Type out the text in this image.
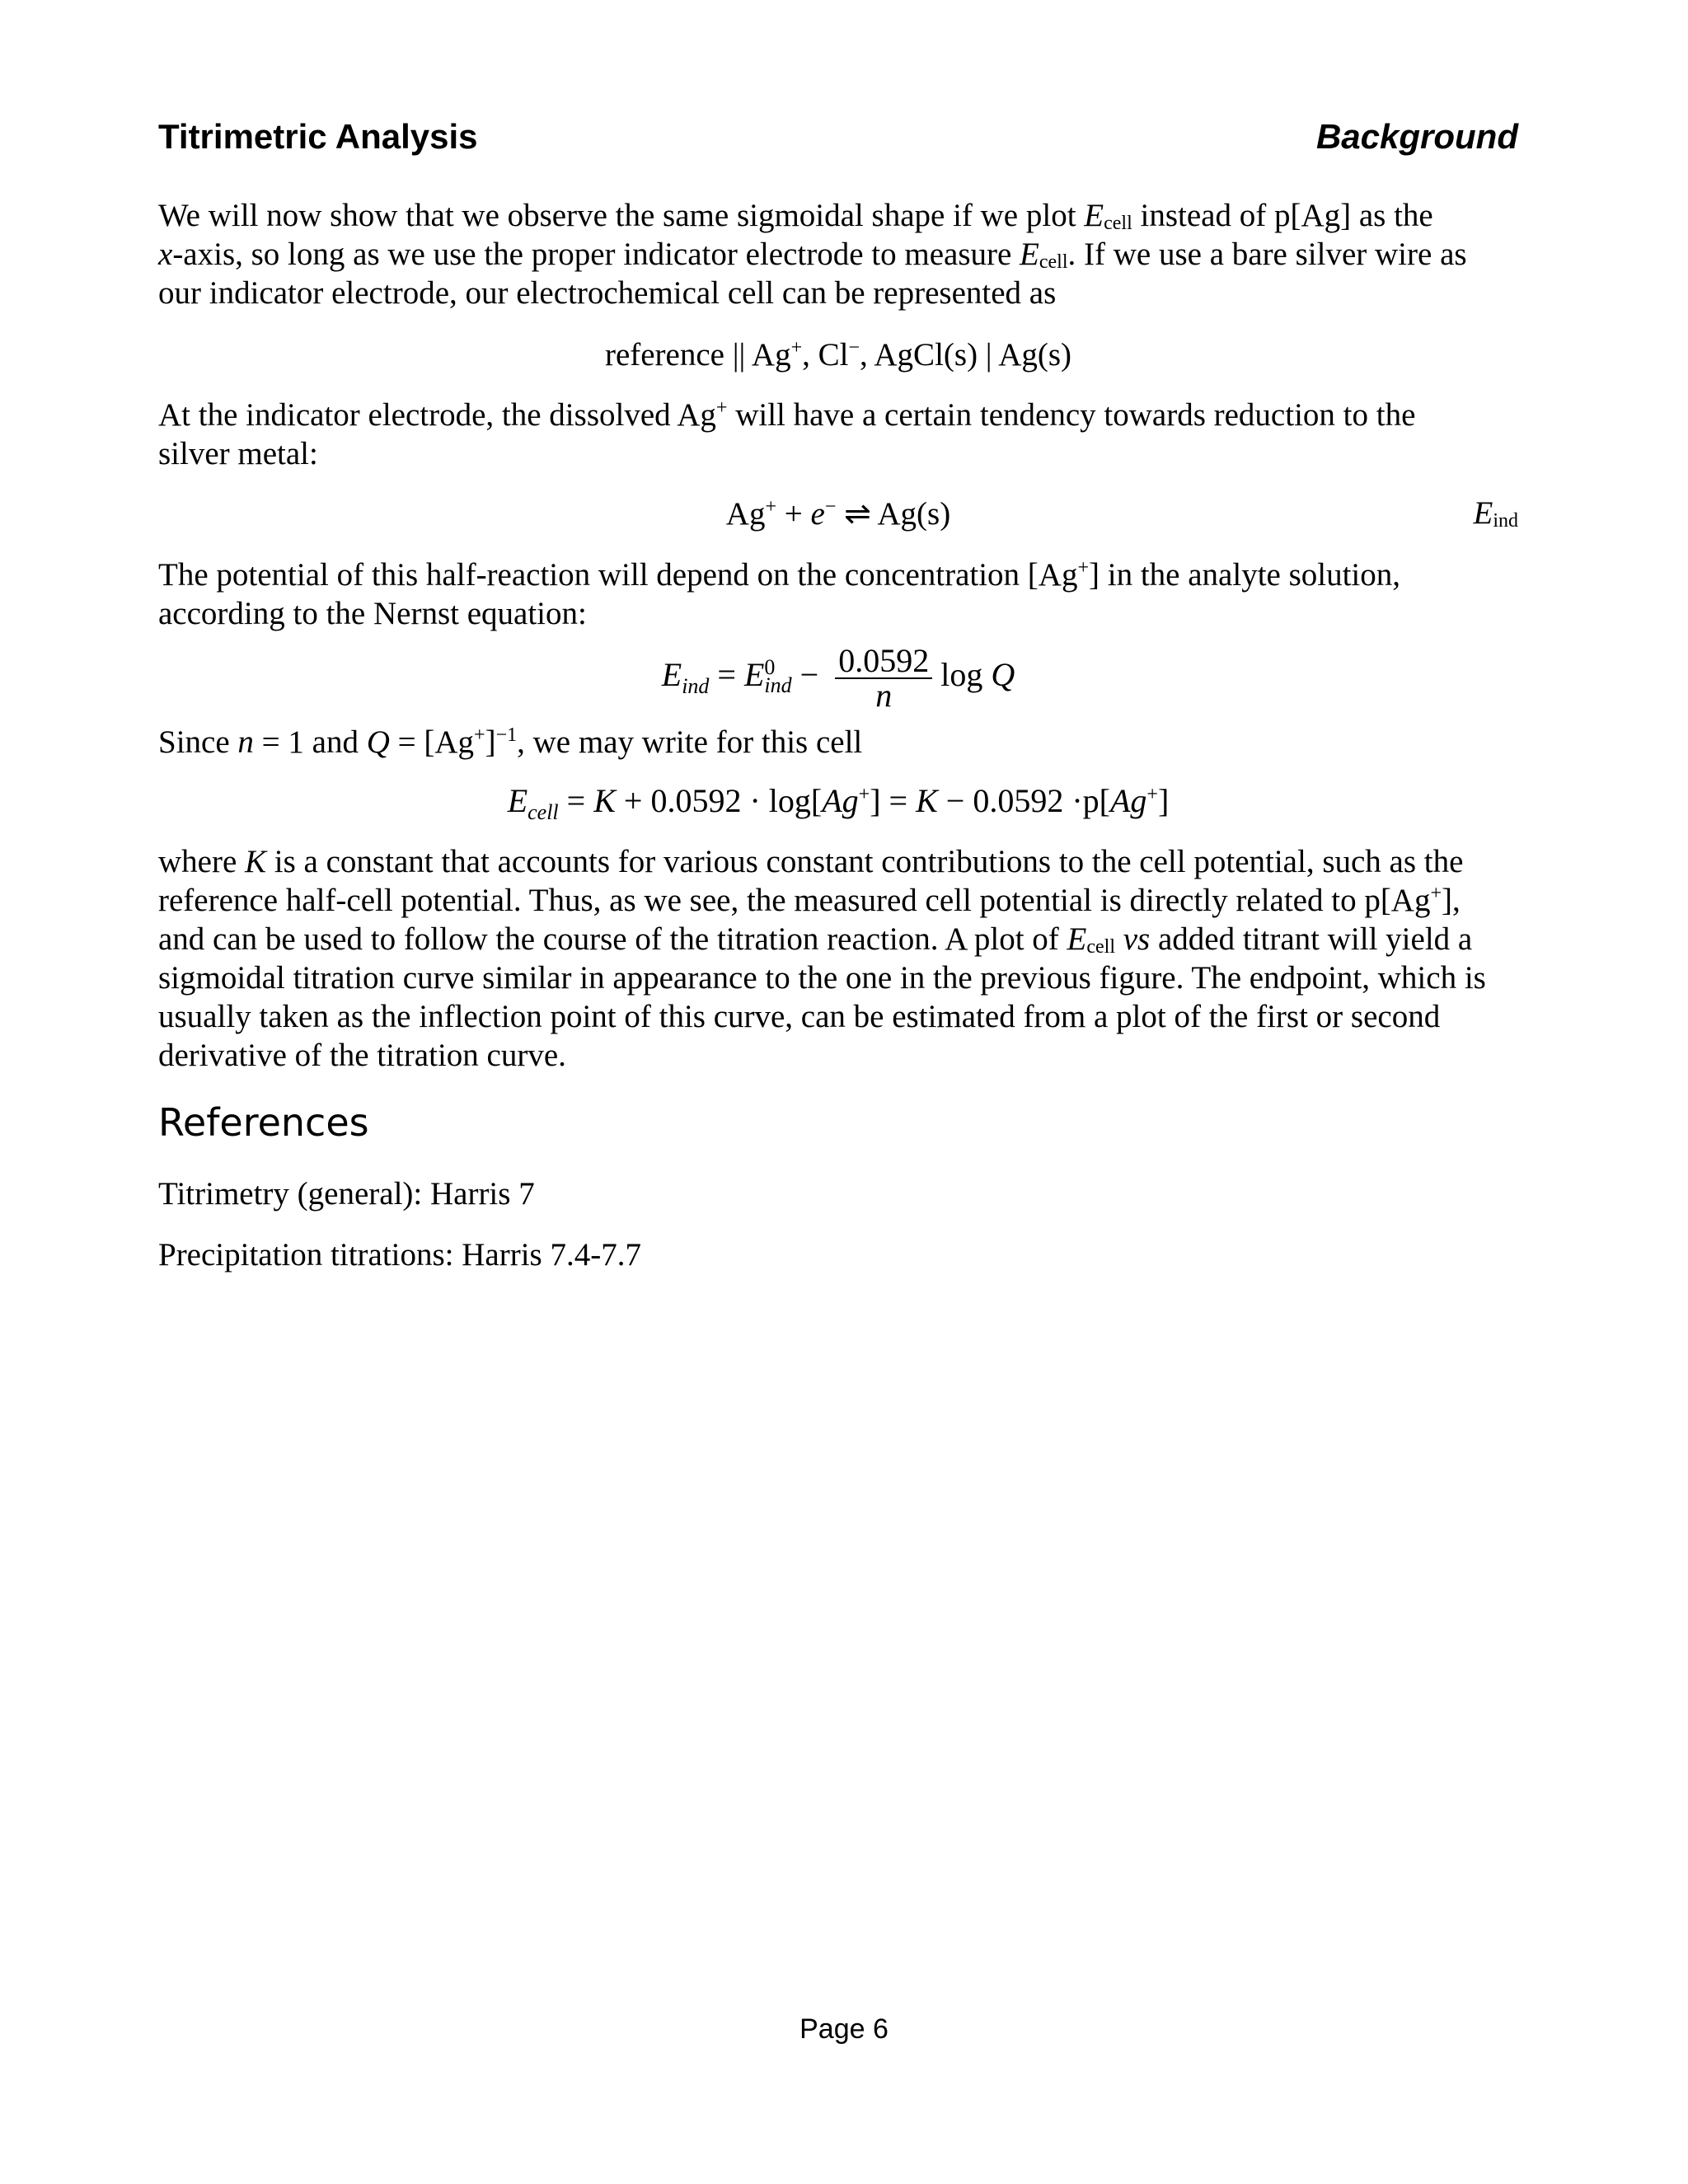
Titrimetric Analysis	Background

We will now show that we observe the same sigmoidal shape if we plot $E_{cell}$ instead of p[Ag] as the
x-axis, so long as we use the proper indicator electrode to measure $E_{cell}$. If we use a bare silver wire as
our indicator electrode, our electrochemical cell can be represented as

reference || Ag+, Cl−, AgCl(s) | Ag(s)

At the indicator electrode, the dissolved Ag+ will have a certain tendency towards reduction to the
silver metal:

Ag+ + e− ⇌ Ag(s)	$E_{ind}$

The potential of this half-reaction will depend on the concentration [Ag+] in the analyte solution,
according to the Nernst equation:

$E_{ind} = E$ 0
ind − $\frac{0.0592}{n}$ log Q

Since n = 1 and $Q = [Ag^+]^{-1}$, we may write for this cell

$E_{cell} = K + 0.0592 \cdot \log[Ag^+] = K - 0.0592 \cdot p[Ag^+]$

where K is a constant that accounts for various constant contributions to the cell potential, such as the
reference half-cell potential. Thus, as we see, the measured cell potential is directly related to p[Ag+],
and can be used to follow the course of the titration reaction. A plot of $E_{cell}$ vs added titrant will yield a
sigmoidal titration curve similar in appearance to the one in the previous figure. The endpoint, which is
usually taken as the inflection point of this curve, can be estimated from a plot of the first or second
derivative of the titration curve.

References
Titrimetry (general): Harris 7
Precipitation titrations: Harris 7.4-7.7
Page 6
